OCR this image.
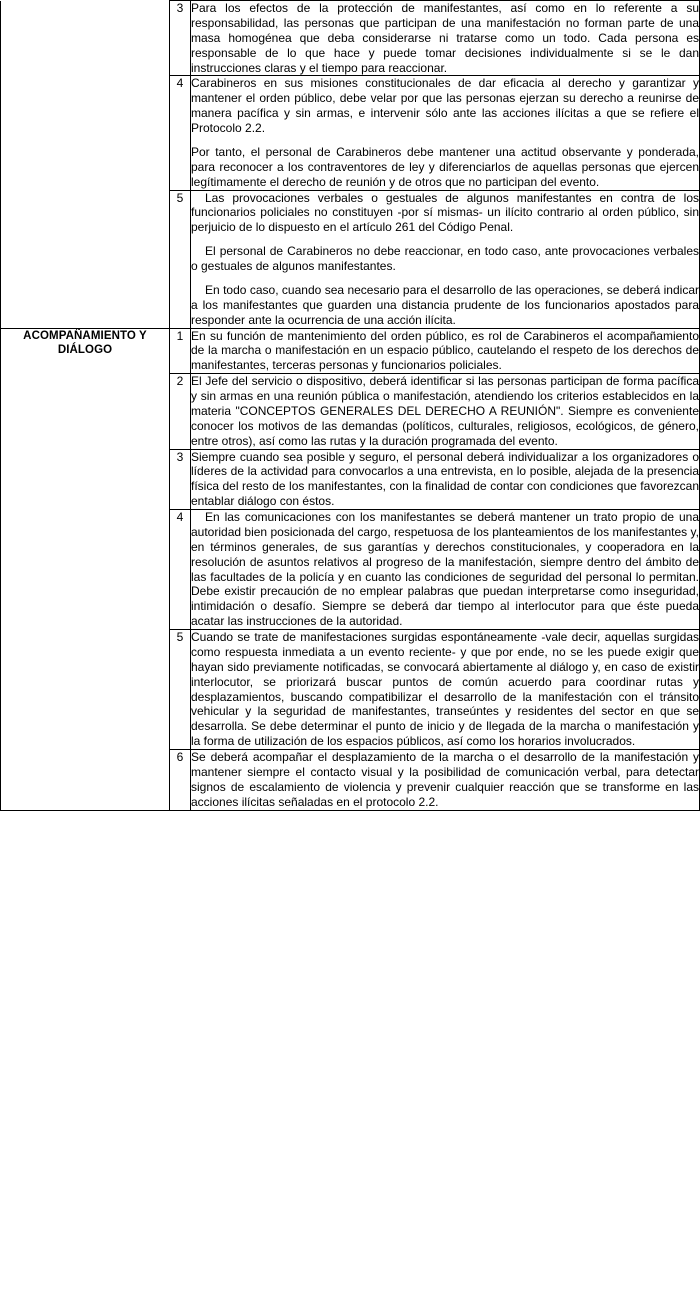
	3	Para los efectos de la protección de manifestantes, así como en lo referente a su responsabilidad, las personas que participan de una manifestación no forman parte de una masa homogénea que deba considerarse ni tratarse como un todo. Cada persona es responsable de lo que hace y puede tomar decisiones individualmente si se le dan instrucciones claras y el tiempo para reaccionar.

	4	Carabineros en sus misiones constitucionales de dar eficacia al derecho y garantizar y mantener el orden público, debe velar por que las personas ejerzan su derecho a reunirse de manera pacífica y sin armas, e intervenir sólo ante las acciones ilícitas a que se refiere el Protocolo 2.2.

Por tanto, el personal de Carabineros debe mantener una actitud observante y ponderada, para reconocer a los contraventores de ley y diferenciarlos de aquellas personas que ejercen legítimamente el derecho de reunión y de otros que no participan del evento.

	5	Las provocaciones verbales o gestuales de algunos manifestantes en contra de los funcionarios policiales no constituyen -por sí mismas- un ilícito contrario al orden público, sin perjuicio de lo dispuesto en el artículo 261 del Código Penal.

El personal de Carabineros no debe reaccionar, en todo caso, ante provocaciones verbales o gestuales de algunos manifestantes.

En todo caso, cuando sea necesario para el desarrollo de las operaciones, se deberá indicar a los manifestantes que guarden una distancia prudente de los funcionarios apostados para responder ante la ocurrencia de una acción ilícita.

ACOMPAÑAMIENTO Y DIÁLOGO	1	En su función de mantenimiento del orden público, es rol de Carabineros el acompañamiento de la marcha o manifestación en un espacio público, cautelando el respeto de los derechos de manifestantes, terceras personas y funcionarios policiales.

	2	El Jefe del servicio o dispositivo, deberá identificar si las personas participan de forma pacífica y sin armas en una reunión pública o manifestación, atendiendo los criterios establecidos en la materia "CONCEPTOS GENERALES DEL DERECHO A REUNIÓN". Siempre es conveniente conocer los motivos de las demandas (políticos, culturales, religiosos, ecológicos, de género, entre otros), así como las rutas y la duración programada del evento.

	3	Siempre cuando sea posible y seguro, el personal deberá individualizar a los organizadores o líderes de la actividad para convocarlos a una entrevista, en lo posible, alejada de la presencia física del resto de los manifestantes, con la finalidad de contar con condiciones que favorezcan entablar diálogo con éstos.

	4	En las comunicaciones con los manifestantes se deberá mantener un trato propio de una autoridad bien posicionada del cargo, respetuosa de los planteamientos de los manifestantes y, en términos generales, de sus garantías y derechos constitucionales, y cooperadora en la resolución de asuntos relativos al progreso de la manifestación, siempre dentro del ámbito de las facultades de la policía y en cuanto las condiciones de seguridad del personal lo permitan. Debe existir precaución de no emplear palabras que puedan interpretarse como inseguridad, intimidación o desafío. Siempre se deberá dar tiempo al interlocutor para que éste pueda acatar las instrucciones de la autoridad.

	5	Cuando se trate de manifestaciones surgidas espontáneamente -vale decir, aquellas surgidas como respuesta inmediata a un evento reciente- y que por ende, no se les puede exigir que hayan sido previamente notificadas, se convocará abiertamente al diálogo y, en caso de existir interlocutor, se priorizará buscar puntos de común acuerdo para coordinar rutas y desplazamientos, buscando compatibilizar el desarrollo de la manifestación con el tránsito vehicular y la seguridad de manifestantes, transeúntes y residentes del sector en que se desarrolla. Se debe determinar el punto de inicio y de llegada de la marcha o manifestación y la forma de utilización de los espacios públicos, así como los horarios involucrados.

	6	Se deberá acompañar el desplazamiento de la marcha o el desarrollo de la manifestación y mantener siempre el contacto visual y la posibilidad de comunicación verbal, para detectar signos de escalamiento de violencia y prevenir cualquier reacción que se transforme en las acciones ilícitas señaladas en el protocolo 2.2.
